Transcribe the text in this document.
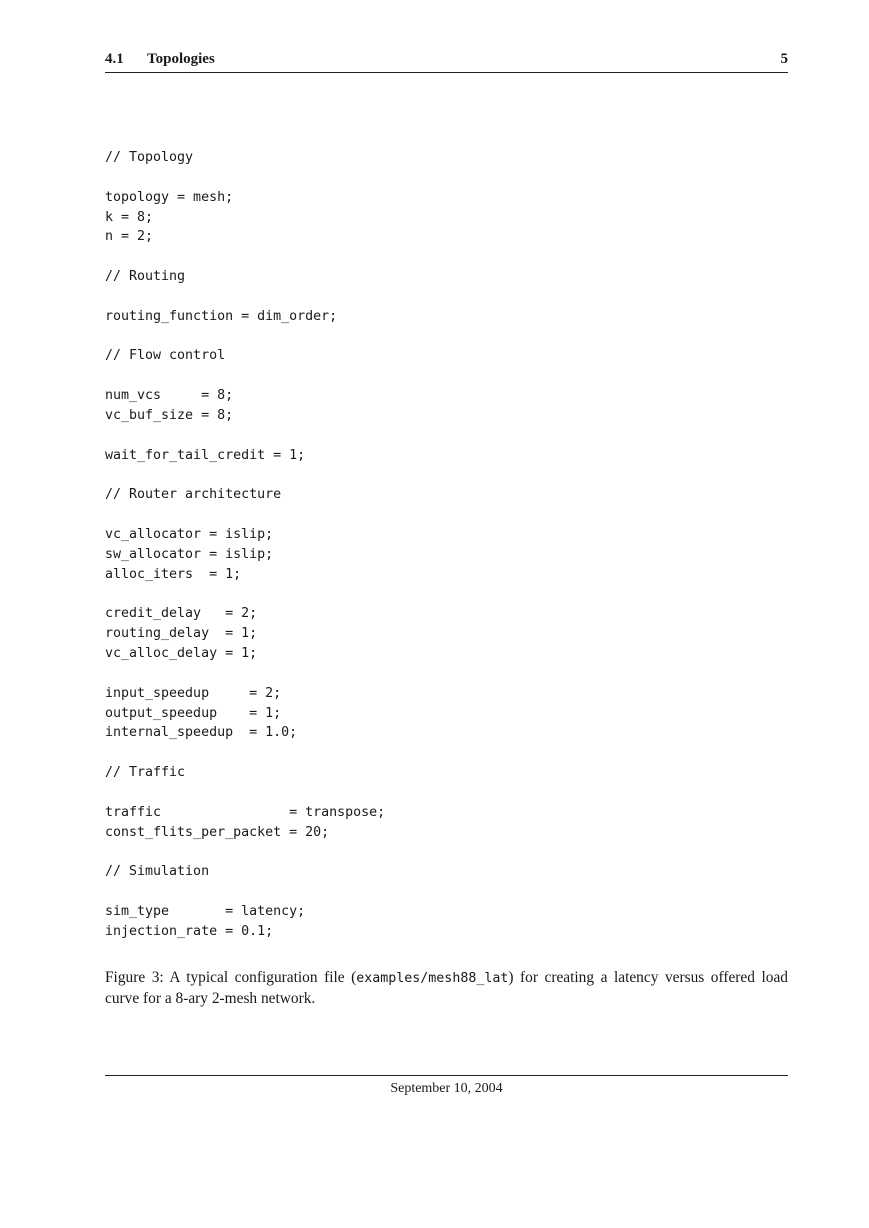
4.1 Topologies	5
// Topology
topology = mesh;
k = 8;
n = 2;
// Routing
routing_function = dim_order;
// Flow control
num_vcs     = 8;
vc_buf_size = 8;
wait_for_tail_credit = 1;
// Router architecture
vc_allocator = islip;
sw_allocator = islip;
alloc_iters  = 1;
credit_delay   = 2;
routing_delay  = 1;
vc_alloc_delay = 1;
input_speedup     = 2;
output_speedup    = 1;
internal_speedup  = 1.0;
// Traffic
traffic                = transpose;
const_flits_per_packet = 20;
// Simulation
sim_type       = latency;
injection_rate = 0.1;
Figure 3: A typical configuration file (examples/mesh88_lat) for creating a latency versus offered load curve for a 8-ary 2-mesh network.
September 10, 2004
